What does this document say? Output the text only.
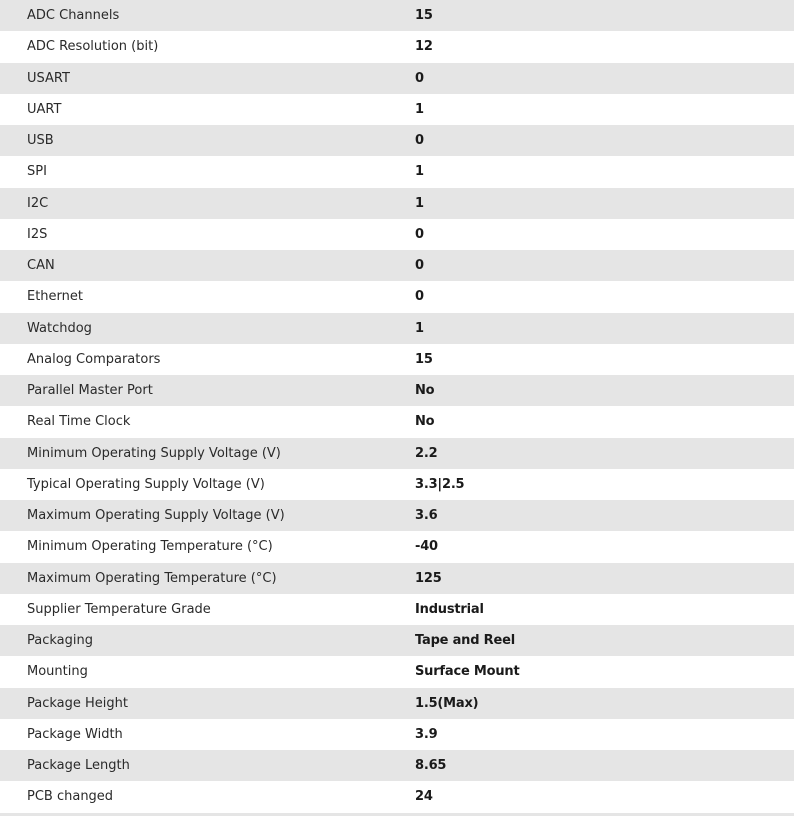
ADC Channels	15
ADC Resolution (bit)	12
USART	0
UART	1
USB	0
SPI	1
I2C	1
I2S	0
CAN	0
Ethernet	0
Watchdog	1
Analog Comparators	15
Parallel Master Port	No
Real Time Clock	No
Minimum Operating Supply Voltage (V)	2.2
Typical Operating Supply Voltage (V)	3.3|2.5
Maximum Operating Supply Voltage (V)	3.6
Minimum Operating Temperature (°C)	-40
Maximum Operating Temperature (°C)	125
Supplier Temperature Grade	Industrial
Packaging	Tape and Reel
Mounting	Surface Mount
Package Height	1.5(Max)
Package Width	3.9
Package Length	8.65
PCB changed	24
